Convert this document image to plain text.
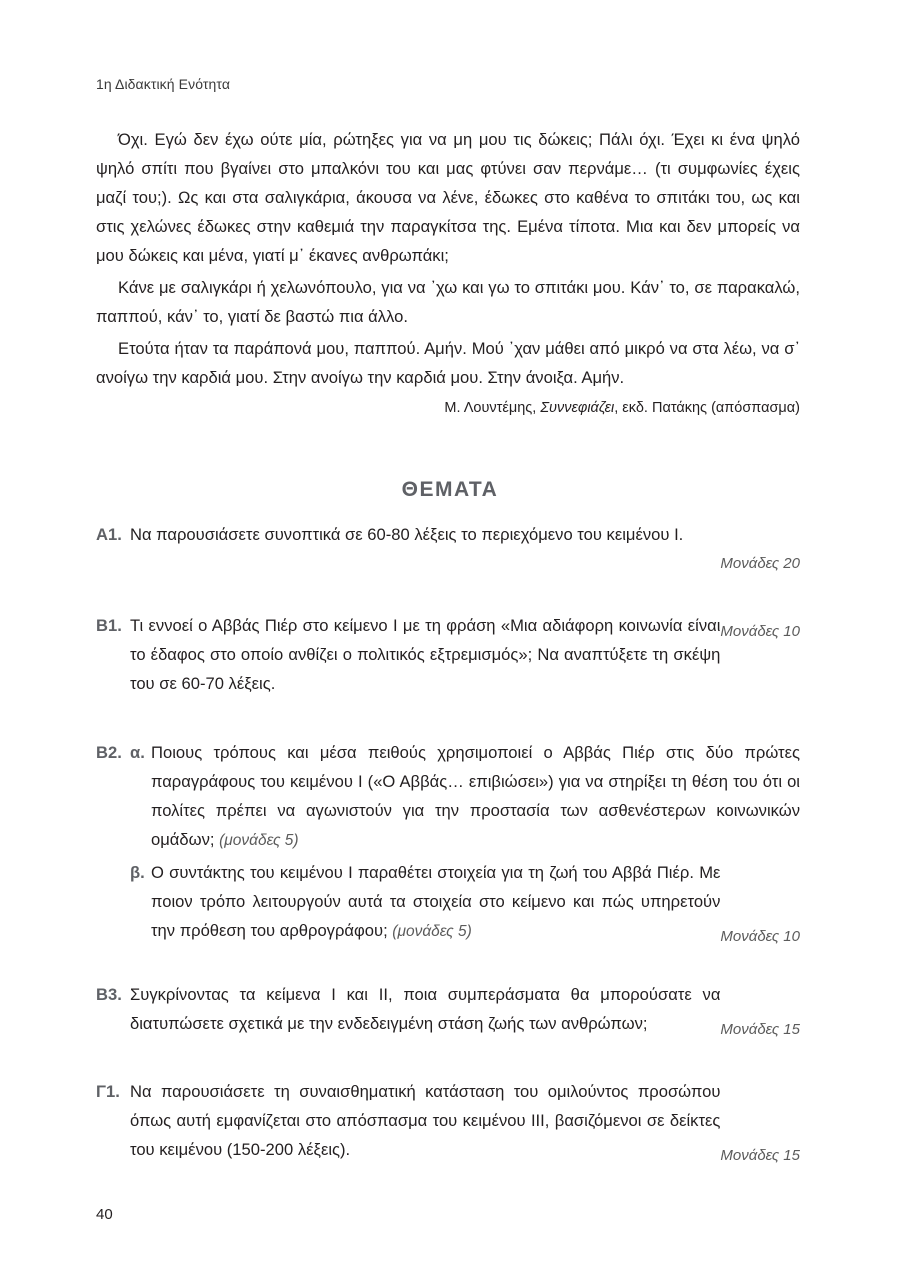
1η Διδακτική Ενότητα

Όχι. Εγώ δεν έχω ούτε μία, ρώτηξες για να μη μου τις δώκεις; Πάλι όχι. Έχει κι ένα ψηλό ψηλό σπίτι που βγαίνει στο μπαλκόνι του και μας φτύνει σαν περνάμε… (τι συμφωνίες έχεις μαζί του;). Ως και στα σαλιγκάρια, άκουσα να λένε, έδωκες στο καθένα το σπιτάκι του, ως και στις χελώνες έδωκες στην καθεμιά την παραγκίτσα της. Εμένα τίποτα. Μια και δεν μπορείς να μου δώκεις και μένα, γιατί μ᾿ έκανες ανθρωπάκι;

Κάνε με σαλιγκάρι ή χελωνόπουλο, για να ᾿χω και γω το σπιτάκι μου. Κάν᾿ το, σε παρακαλώ, παππού, κάν᾿ το, γιατί δε βαστώ πια άλλο.

Ετούτα ήταν τα παράπονά μου, παππού. Αμήν. Μού ᾿χαν μάθει από μικρό να στα λέω, να σ᾿ ανοίγω την καρδιά μου. Στην ανοίγω την καρδιά μου. Στην άνοιξα. Αμήν.

Μ. Λουντέμης, Συννεφιάζει, εκδ. Πατάκης (απόσπασμα)
ΘΕΜΑΤΑ
Α1. Να παρουσιάσετε συνοπτικά σε 60-80 λέξεις το περιεχόμενο του κειμένου Ι.
Μονάδες 20
Β1.	Μονάδες 10
Τι εννοεί ο Αββάς Πιέρ στο κείμενο Ι με τη φράση «Μια αδιάφορη κοινωνία είναι το έδαφος στο οποίο ανθίζει ο πολιτικός εξτρεμισμός»; Να αναπτύξετε τη σκέψη του σε 60-70 λέξεις.
Β2. α. Ποιους τρόπους και μέσα πειθούς χρησιμοποιεί ο Αββάς Πιέρ στις δύο πρώτες παραγράφους του κειμένου Ι («Ο Αββάς… επιβιώσει») για να στηρίξει τη θέση του ότι οι πολίτες πρέπει να αγωνιστούν για την προστασία των ασθενέστερων κοινωνικών ομάδων; (μονάδες 5)
β.
Μονάδες 10
Ο συντάκτης του κειμένου Ι παραθέτει στοιχεία για τη ζωή του Αββά Πιέρ. Με ποιον τρόπο λειτουργούν αυτά τα στοιχεία στο κείμενο και πώς υπηρετούν την πρόθεση του αρθρογράφου; (μονάδες 5)
Β3.
Μονάδες 15
Συγκρίνοντας τα κείμενα Ι και ΙΙ, ποια συμπεράσματα θα μπορούσατε να διατυπώσετε σχετικά με την ενδεδειγμένη στάση ζωής των ανθρώπων;
Γ1.
Μονάδες 15
Να παρουσιάσετε τη συναισθηματική κατάσταση του ομιλούντος προσώπου όπως αυτή εμφανίζεται στο απόσπασμα του κειμένου ΙΙΙ, βασιζόμενοι σε δείκτες του κειμένου (150-200 λέξεις).
40
